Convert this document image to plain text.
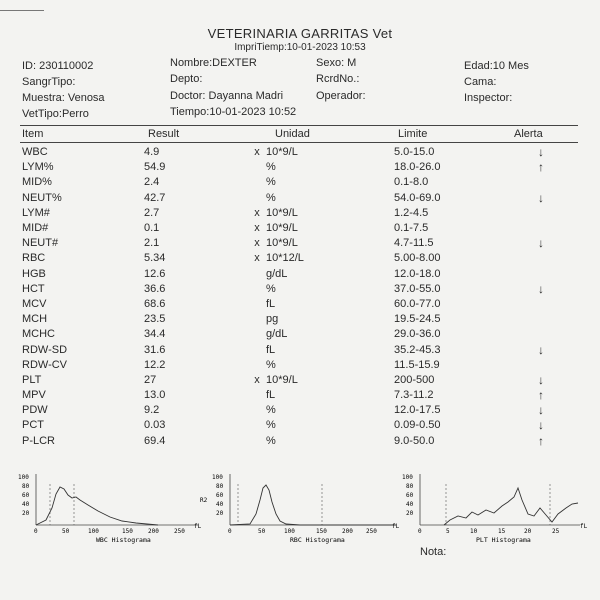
VETERINARIA GARRITAS Vet
ImpriTiemp:10-01-2023 10:53
ID: 230110002	Nombre:DEXTER	Sexo: M	Edad:10 Mes
SangrTipo:	Depto:	RcrdNo.:	Cama:
Muestra: Venosa	Doctor: Dayanna Madri	Operador:	Inspector:
VetTipo:Perro	Tiempo:10-01-2023 10:52
Item	Result	Unidad	Limite	Alerta
WBC	4.9	x	10*9/L	5.0-15.0	↓
LYM%	54.9		%	18.0-26.0	↑
MID%	2.4		%	0.1-8.0	
NEUT%	42.7		%	54.0-69.0	↓
LYM#	2.7	x	10*9/L	1.2-4.5	
MID#	0.1	x	10*9/L	0.1-7.5	
NEUT#	2.1	x	10*9/L	4.7-11.5	↓
RBC	5.34	x	10*12/L	5.00-8.00	
HGB	12.6		g/dL	12.0-18.0	
HCT	36.6		%	37.0-55.0	↓
MCV	68.6		fL	60.0-77.0	
MCH	23.5		pg	19.5-24.5	
MCHC	34.4		g/dL	29.0-36.0	
RDW-SD	31.6		fL	35.2-45.3	↓
RDW-CV	12.2		%	11.5-15.9	
PLT	27	x	10*9/L	200-500	↓
MPV	13.0		fL	7.3-11.2	↑
PDW	9.2		%	12.0-17.5	↓
PCT	0.03		%	0.09-0.50	↓
P-LCR	69.4		%	9.0-50.0	↑
100
80
60
40
20
0	50	100	150	200	250
fL
WBC Histograma
R2
100
80
60
40
20
0	50	100	150	200 250
fL
RBC Histograma
100
80
60
40
20
0	5	10	15	20	25
fL
PLT Histograma
Nota:
